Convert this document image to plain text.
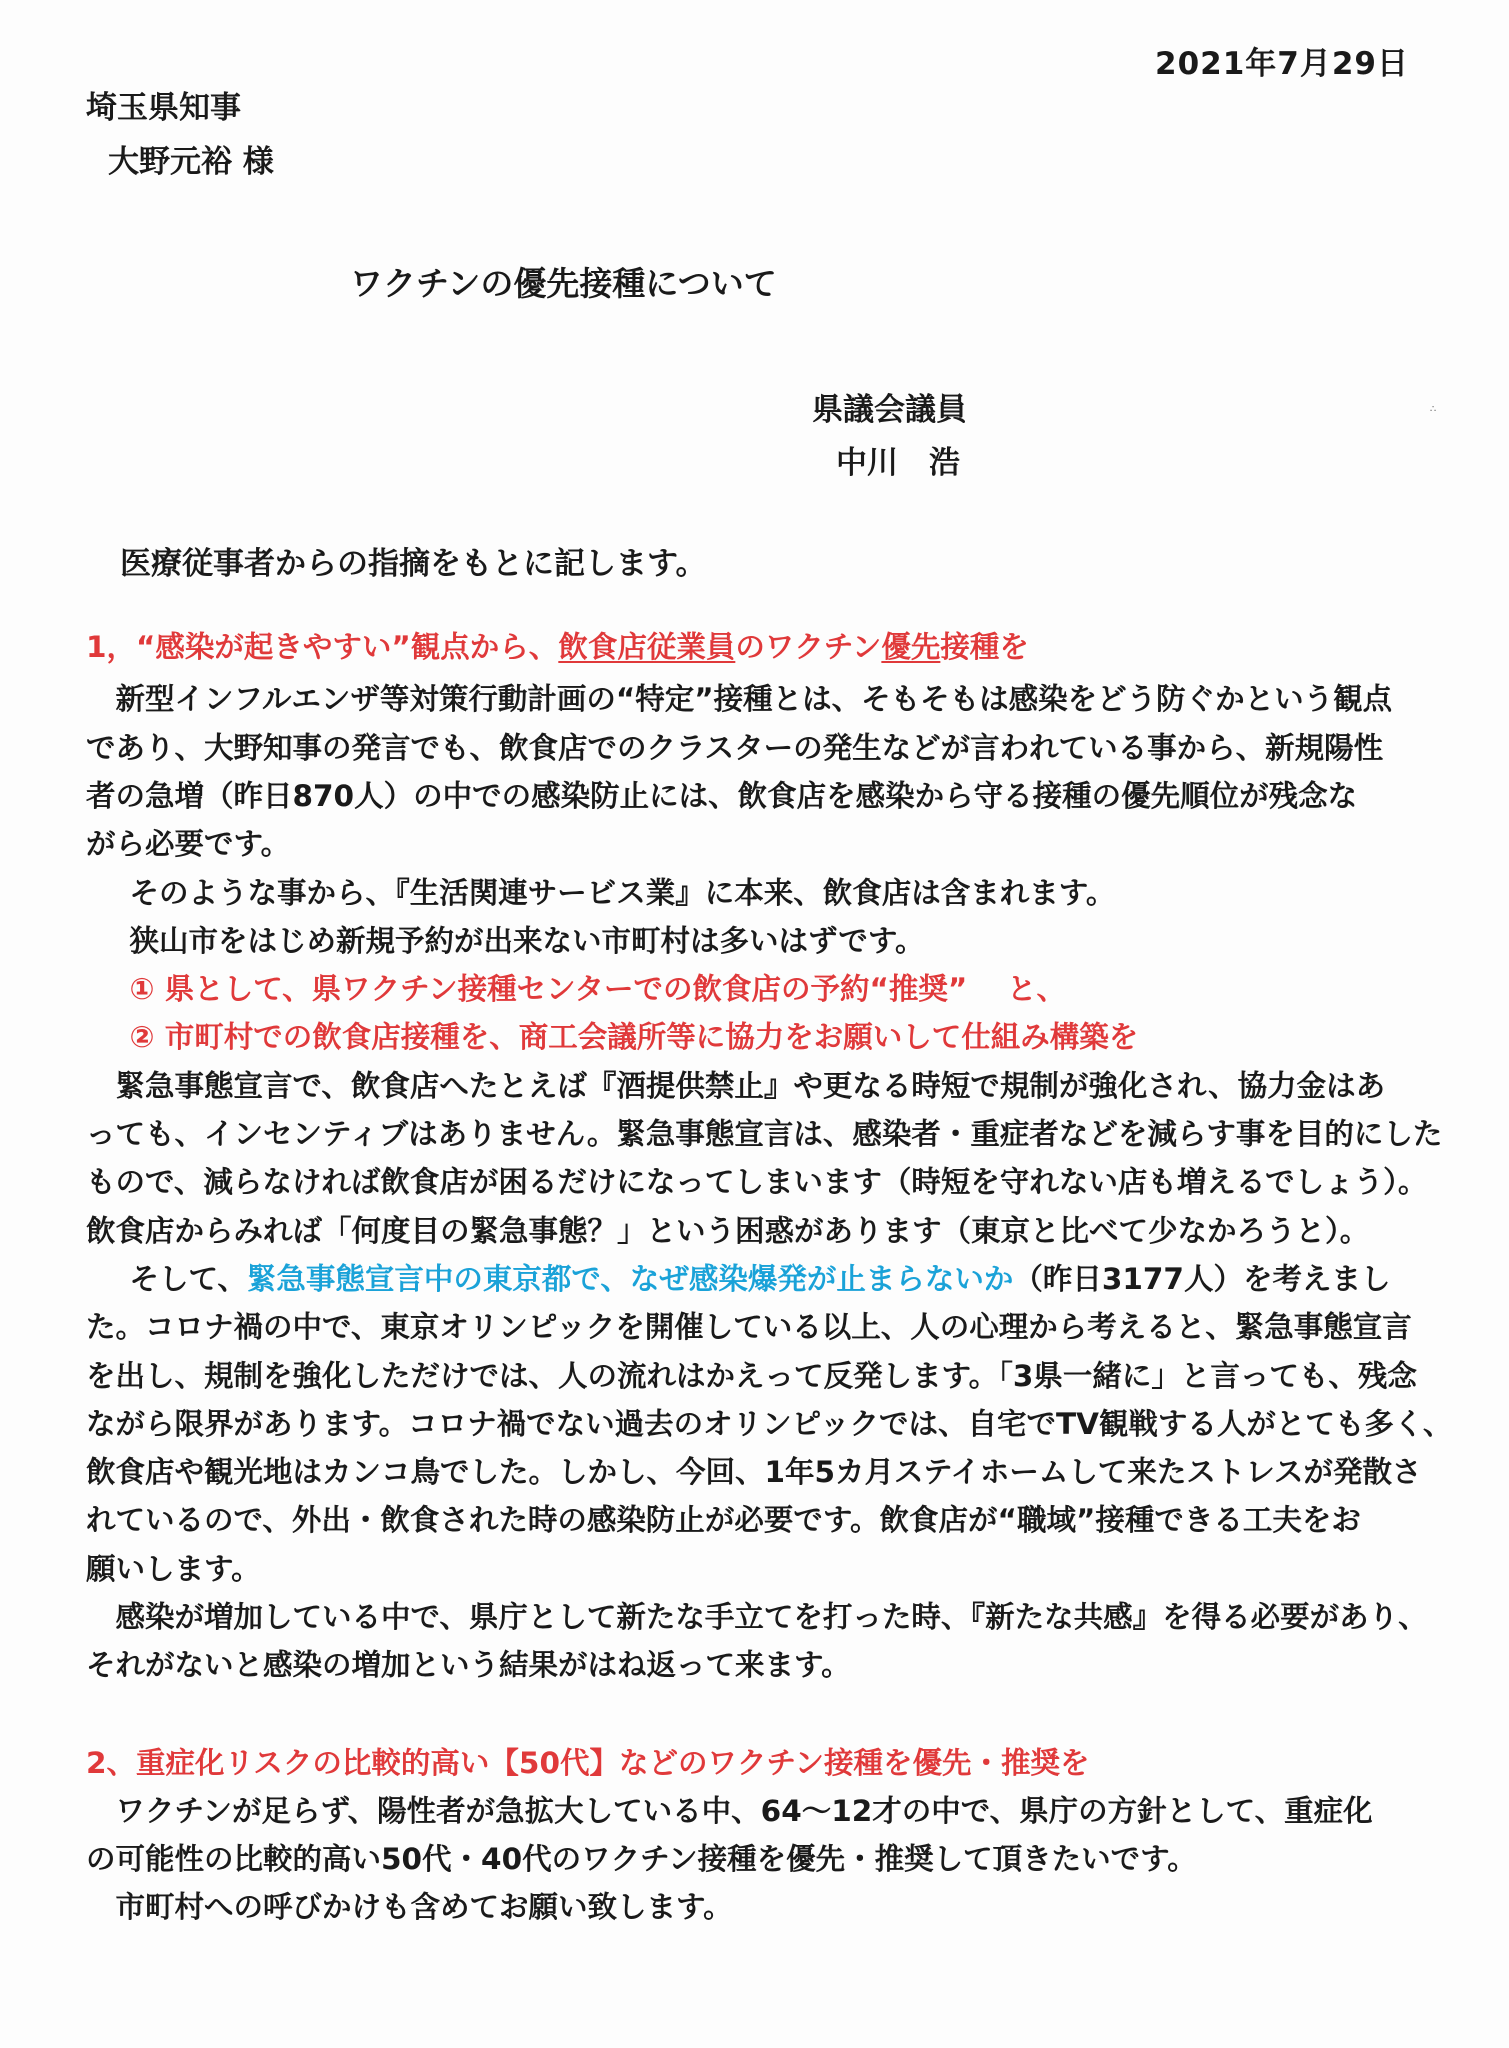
2021年7月29日
埼玉県知事
大野元裕 様
ワクチンの優先接種について
県議会議員
中川　浩
∴
医療従事者からの指摘をもとに記します。
1，“感染が起きやすい”観点から、飲食店従業員のワクチン優先接種を
　新型インフルエンザ等対策行動計画の“特定”接種とは、そもそもは感染をどう防ぐかという観点
であり、大野知事の発言でも、飲食店でのクラスターの発生などが言われている事から、新規陽性
者の急増（昨日870人）の中での感染防止には、飲食店を感染から守る接種の優先順位が残念な
がら必要です。
　そのような事から、『生活関連サービス業』に本来、飲食店は含まれます。
　狭山市をはじめ新規予約が出来ない市町村は多いはずです。
　① 県として、県ワクチン接種センターでの飲食店の予約“推奨”　 と、
　② 市町村での飲食店接種を、商工会議所等に協力をお願いして仕組み構築を
　緊急事態宣言で、飲食店へたとえば『酒提供禁止』や更なる時短で規制が強化され、協力金はあ
っても、インセンティブはありません。緊急事態宣言は、感染者・重症者などを減らす事を目的にした
もので、減らなければ飲食店が困るだけになってしまいます（時短を守れない店も増えるでしょう）。
飲食店からみれば「何度目の緊急事態？」という困惑があります（東京と比べて少なかろうと）。
　そして、緊急事態宣言中の東京都で、なぜ感染爆発が止まらないか（昨日3177人）を考えまし
た。コロナ禍の中で、東京オリンピックを開催している以上、人の心理から考えると、緊急事態宣言
を出し、規制を強化しただけでは、人の流れはかえって反発します。「3県一緒に」と言っても、残念
ながら限界があります。コロナ禍でない過去のオリンピックでは、自宅でTV観戦する人がとても多く、
飲食店や観光地はカンコ鳥でした。しかし、今回、1年5カ月ステイホームして来たストレスが発散さ
れているので、外出・飲食された時の感染防止が必要です。飲食店が“職域”接種できる工夫をお
願いします。
　感染が増加している中で、県庁として新たな手立てを打った時、『新たな共感』を得る必要があり、
それがないと感染の増加という結果がはね返って来ます。
2、重症化リスクの比較的高い【50代】などのワクチン接種を優先・推奨を
　ワクチンが足らず、陽性者が急拡大している中、64～12才の中で、県庁の方針として、重症化
の可能性の比較的高い50代・40代のワクチン接種を優先・推奨して頂きたいです。
　市町村への呼びかけも含めてお願い致します。
